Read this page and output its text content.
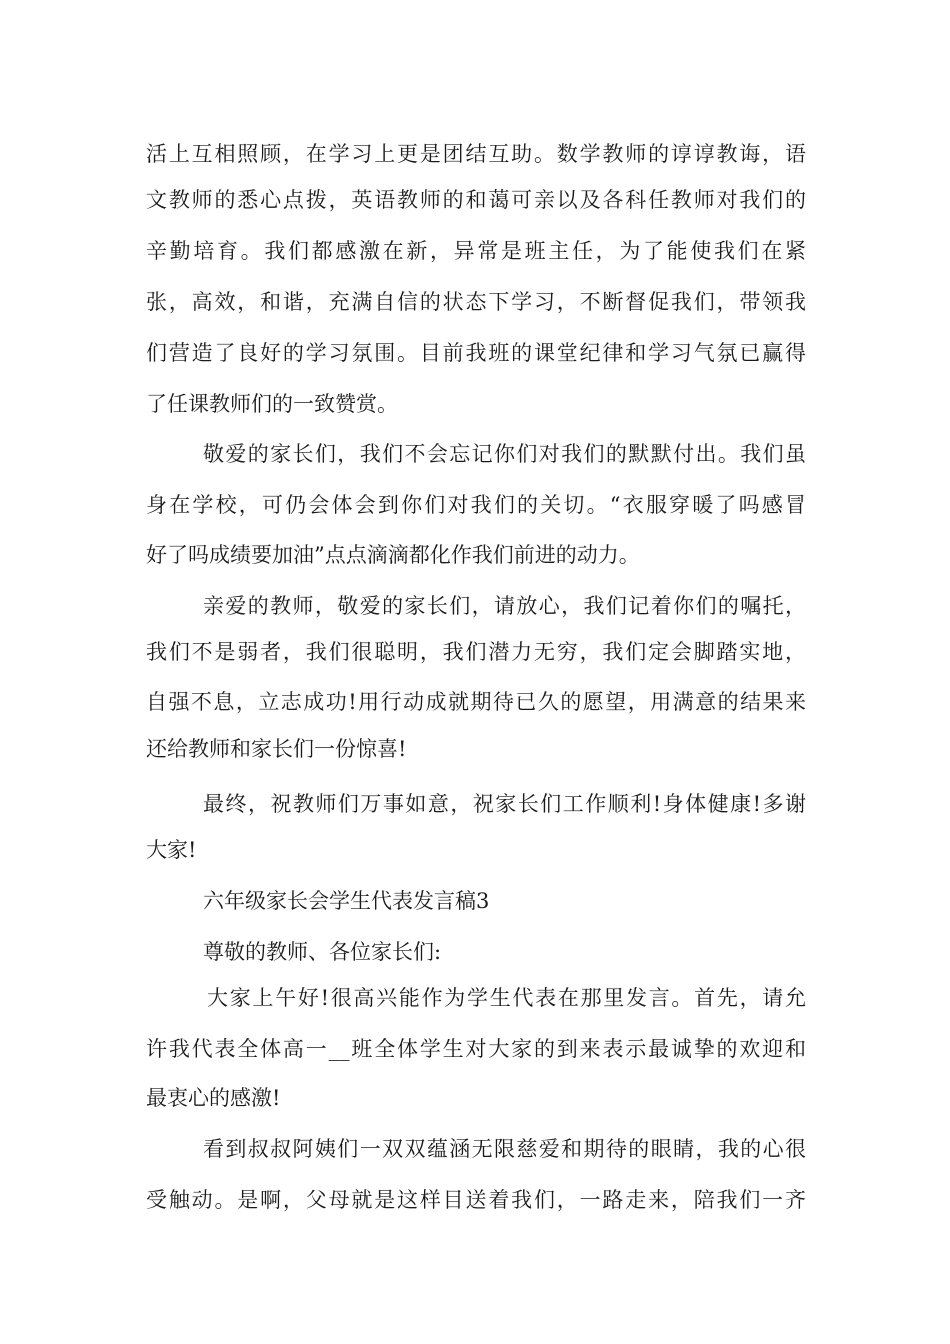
活上互相照顾，在学习上更是团结互助。数学教师的谆谆教诲，语

文教师的悉心点拨，英语教师的和蔼可亲以及各科任教师对我们的

辛勤培育。我们都感激在新，异常是班主任，为了能使我们在紧

张，高效，和谐，充满自信的状态下学习，不断督促我们，带领我

们营造了良好的学习氛围。目前我班的课堂纪律和学习气氛已赢得

了任课教师们的一致赞赏。

敬爱的家长们，我们不会忘记你们对我们的默默付出。我们虽

身在学校，可仍会体会到你们对我们的关切。“衣服穿暖了吗感冒

好了吗成绩要加油”点点滴滴都化作我们前进的动力。

亲爱的教师，敬爱的家长们，请放心，我们记着你们的嘱托，

我们不是弱者，我们很聪明，我们潜力无穷，我们定会脚踏实地，

自强不息，立志成功!用行动成就期待已久的愿望，用满意的结果来

还给教师和家长们一份惊喜!

最终，祝教师们万事如意，祝家长们工作顺利!身体健康!多谢

大家!

六年级家长会学生代表发言稿3

尊敬的教师、各位家长们:

大家上午好!很高兴能作为学生代表在那里发言。首先，请允

许我代表全体高一__班全体学生对大家的到来表示最诚挚的欢迎和

最衷心的感激!

看到叔叔阿姨们一双双蕴涵无限慈爱和期待的眼睛，我的心很

受触动。是啊，父母就是这样目送着我们，一路走来，陪我们一齐
